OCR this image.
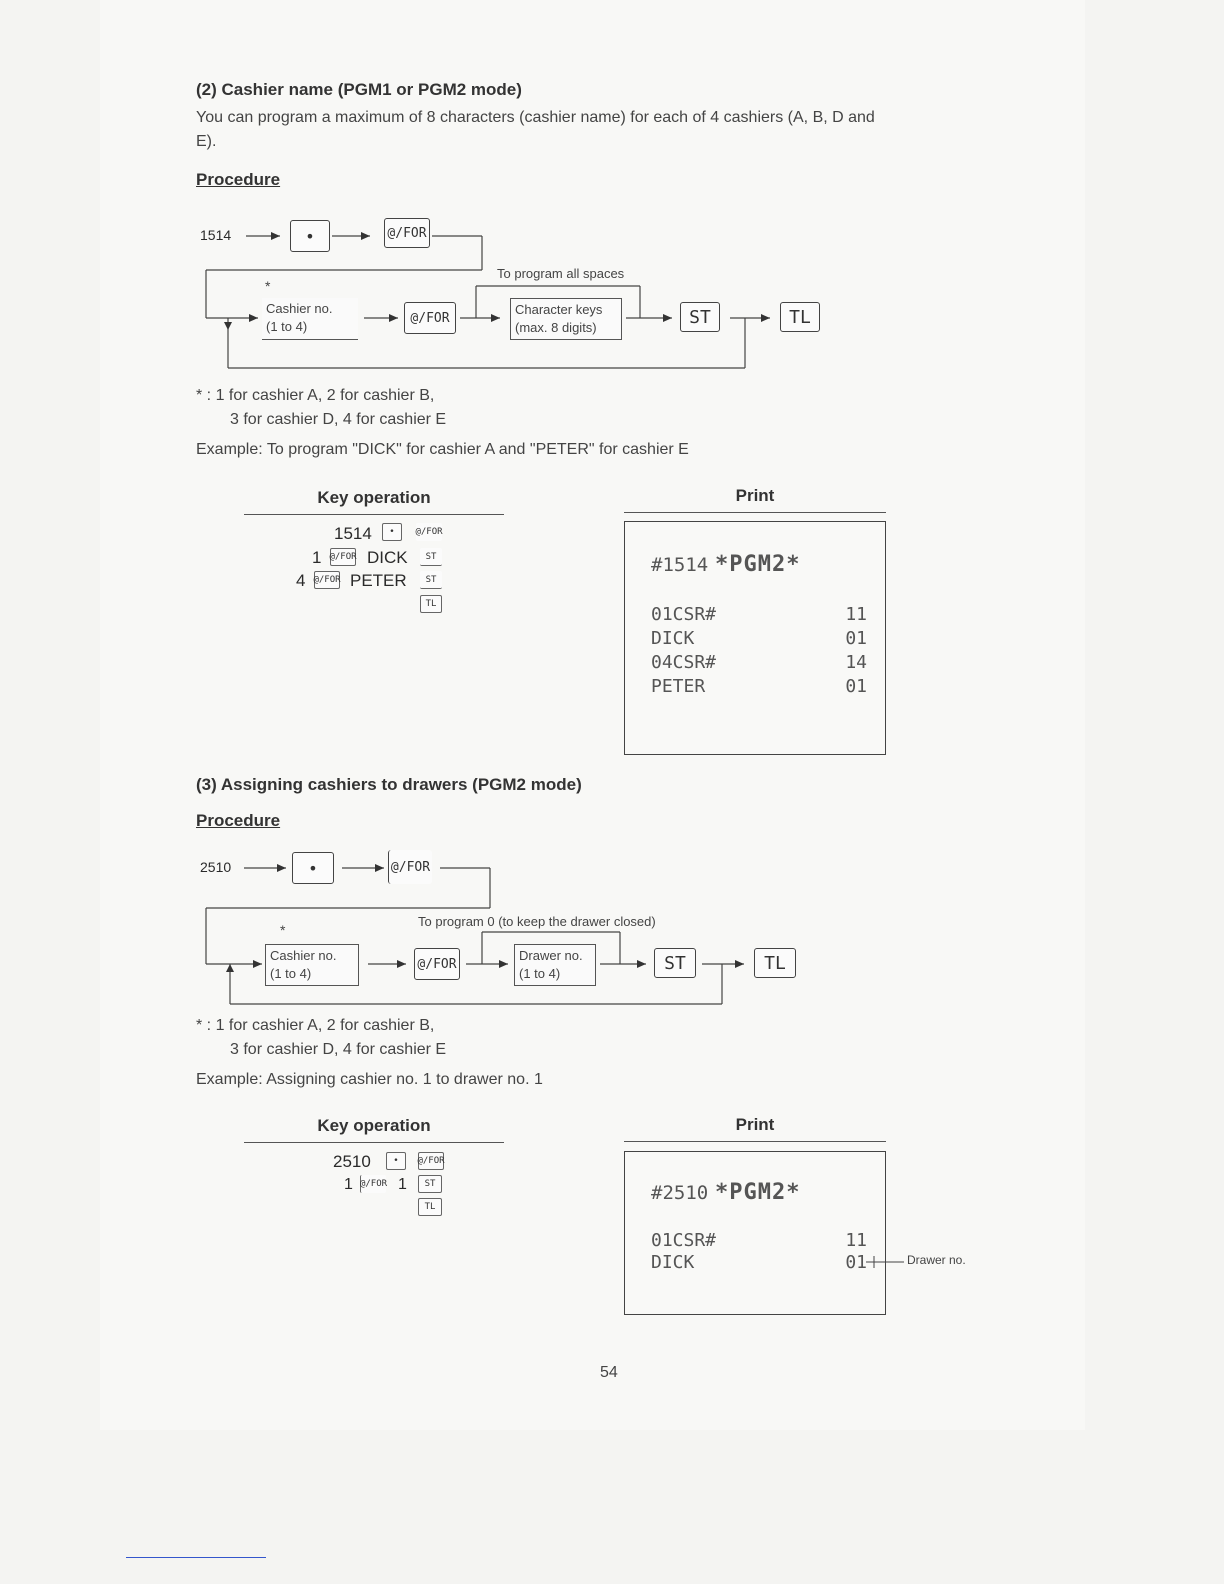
(2) Cashier name (PGM1 or PGM2 mode)
You can program a maximum of 8 characters (cashier name) for each of 4 cashiers (A, B, D and
E).
Procedure
1514	•	@/FOR
*
To program all spaces
Cashier no.
(1 to 4)
@/FOR
Character keys
(max. 8 digits)	ST	TL
* : 1 for cashier A, 2 for cashier B,
3 for cashier D, 4 for cashier E
Example: To program "DICK" for cashier A and "PETER" for cashier E
Key operation	Print
1514	•	@/FOR
1 @/FOR DICK	ST
4 @/FOR PETER	ST
TL
#1514 *PGM2*
01CSR#	11
DICK	01
04CSR#	14
PETER	01
(3) Assigning cashiers to drawers (PGM2 mode)
Procedure
2510	•	@/FOR
*
To program 0 (to keep the drawer closed)
Cashier no.
(1 to 4)
@/FOR
Drawer no.
(1 to 4)	ST	TL
* : 1 for cashier A, 2 for cashier B,
3 for cashier D, 4 for cashier E
Example: Assigning cashier no. 1 to drawer no. 1
Key operation	Print
2510	•	@/FOR
1 @/FOR 1	ST
TL
#2510 *PGM2*
01CSR#	11
DICK	01	Drawer no.
54
